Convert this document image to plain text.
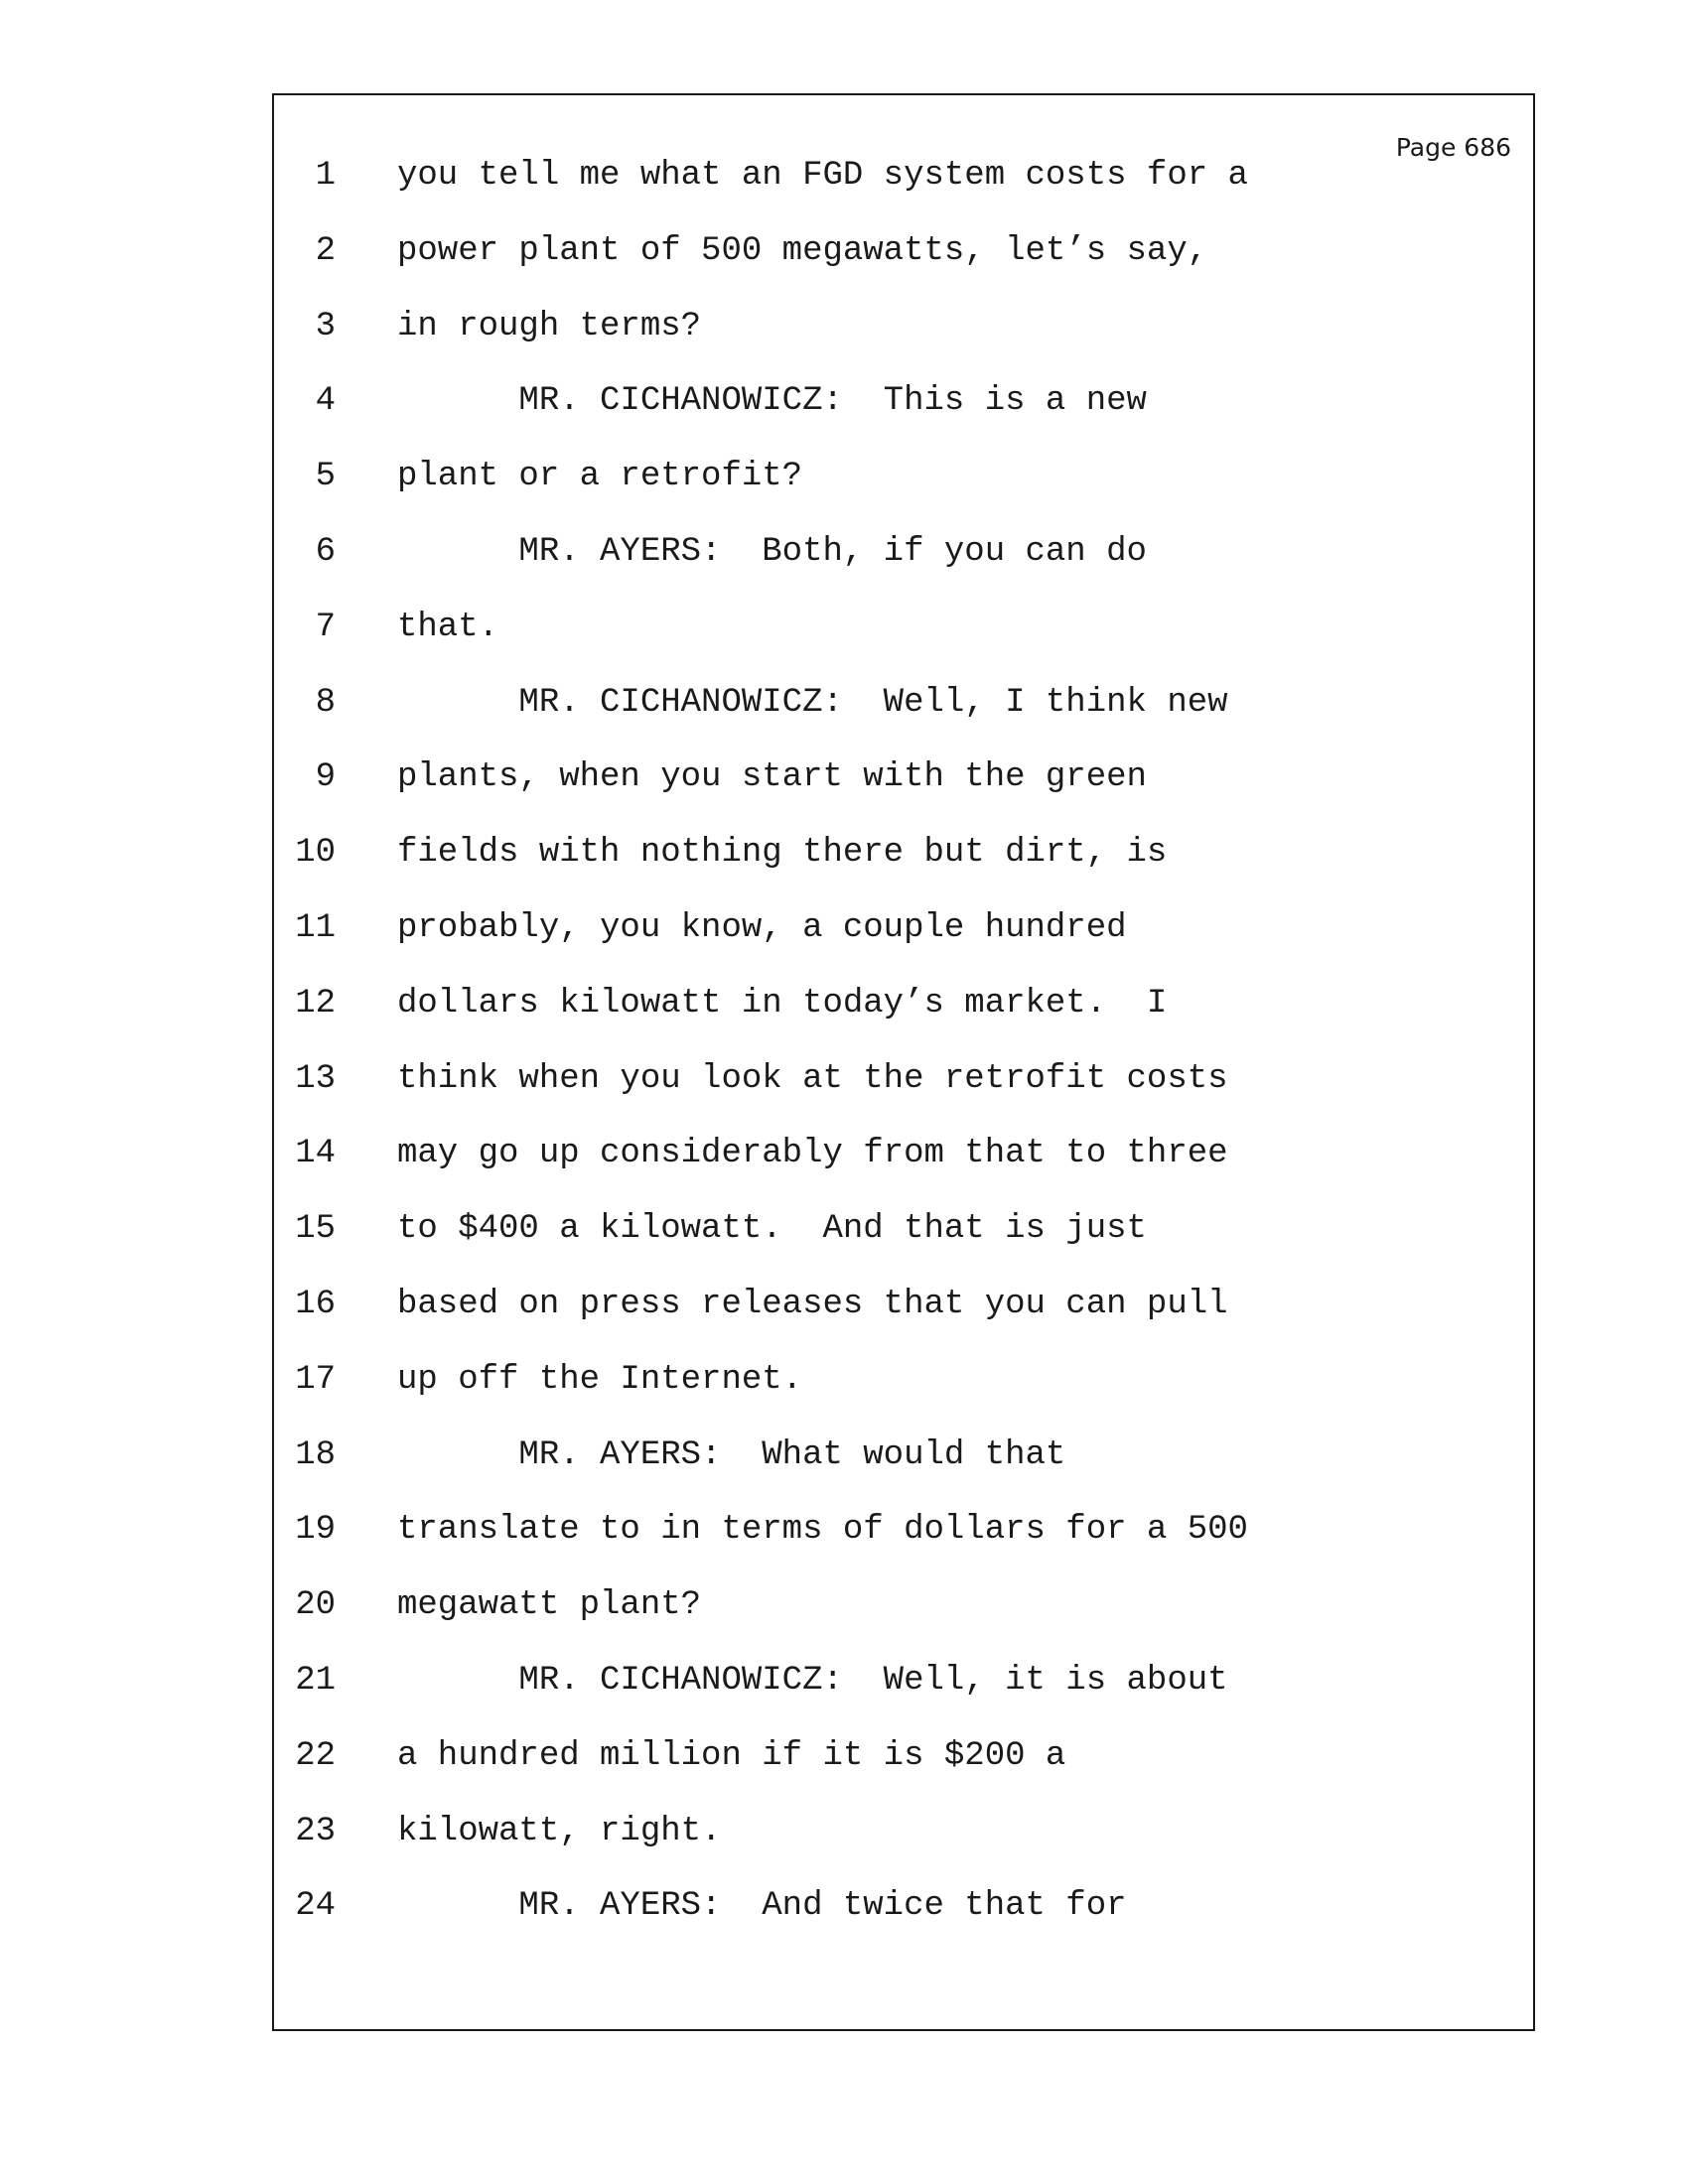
Page 686
1 you tell me what an FGD system costs for a
2 power plant of 500 megawatts, let’s say,
3 in rough terms?
4 MR. CICHANOWICZ:  This is a new
5 plant or a retrofit?
6 MR. AYERS:  Both, if you can do
7 that.
8 MR. CICHANOWICZ:  Well, I think new
9 plants, when you start with the green
10 fields with nothing there but dirt, is
11 probably, you know, a couple hundred
12 dollars kilowatt in today’s market.  I
13 think when you look at the retrofit costs
14 may go up considerably from that to three
15 to $400 a kilowatt.  And that is just
16 based on press releases that you can pull
17 up off the Internet.
18 MR. AYERS:  What would that
19 translate to in terms of dollars for a 500
20 megawatt plant?
21 MR. CICHANOWICZ:  Well, it is about
22 a hundred million if it is $200 a
23 kilowatt, right.
24 MR. AYERS:  And twice that for
